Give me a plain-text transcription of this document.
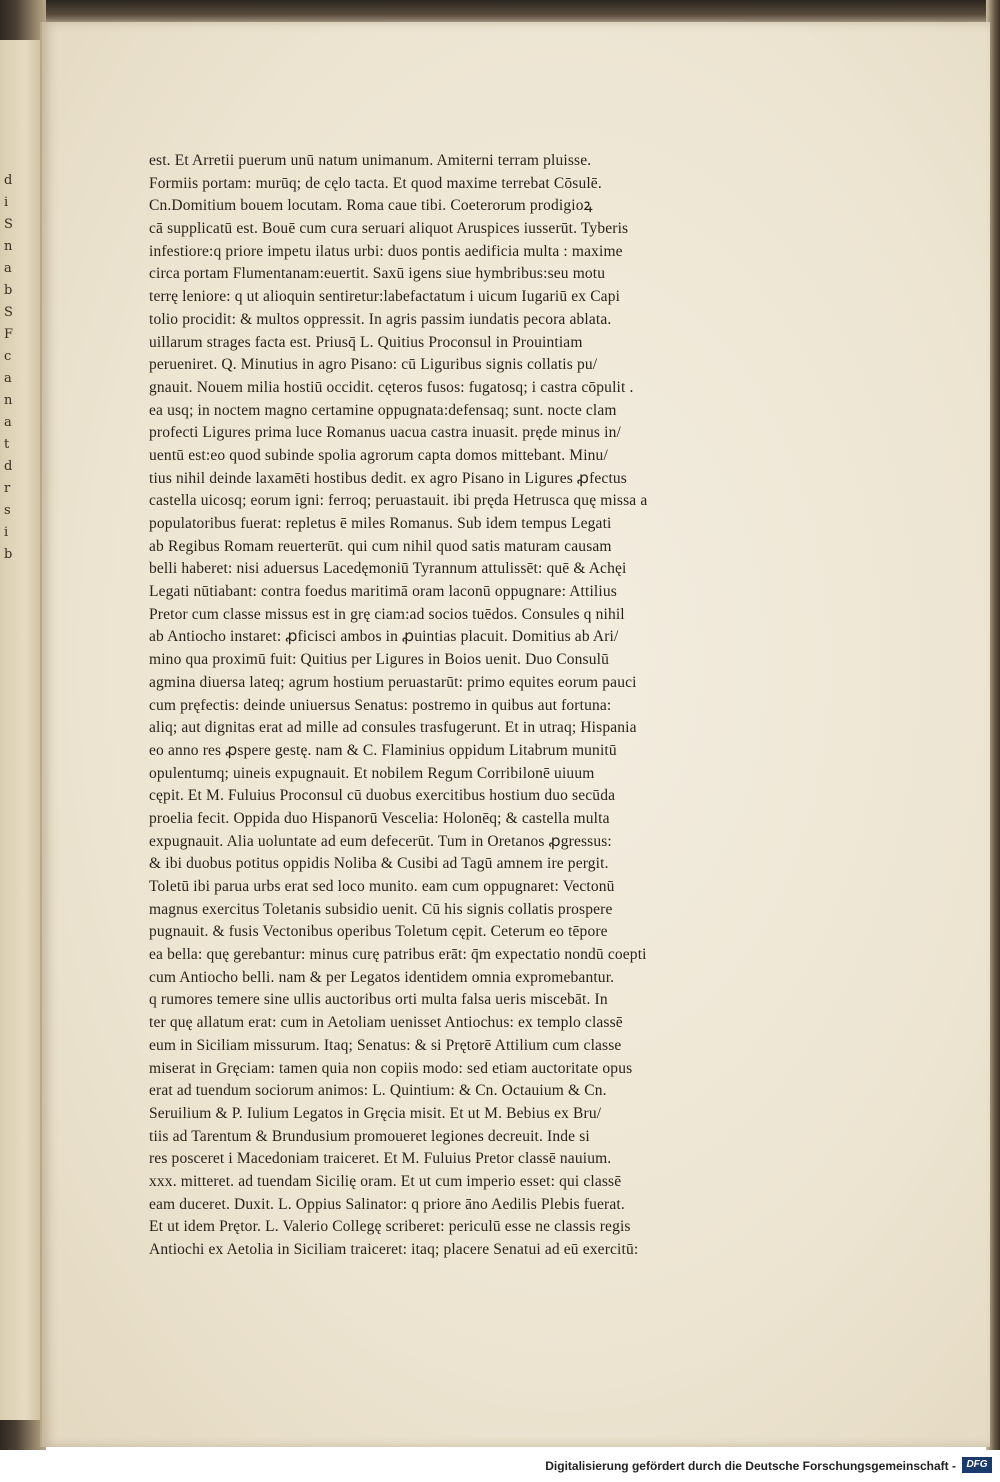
d
i
S
n
a
b
S
F
c
a
n
a
t
d
r
s
i
b
est. Et Arretii puerum unū natum unimanum. Amiterni terram pluisse.
Formiis portam: murūq; de cęlo tacta. Et quod maxime terrebat Cōsulē.
Cn.Domitium bouem locutam. Roma caue tibi. Coeterorum prodigioꝝ
cā supplicatū est. Bouē cum cura seruari aliquot Aruspices iusserūt. Tyberis
infestiore:q priore impetu ilatus urbi: duos pontis aedificia multa : maxime
circa portam Flumentanam:euertit. Saxū igens siue hymbribus:seu motu
terrę leniore: q ut alioquin sentiretur:labefactatum i uicum Iugariū ex Capi
tolio procidit: & multos oppressit. In agris passim iundatis pecora ablata.
uillarum strages facta est. Priusq̄ L. Quitius Proconsul in Prouintiam
perueniret. Q. Minutius in agro Pisano: cū Liguribus signis collatis pu/
gnauit. Nouem milia hostiū occidit. cęteros fusos: fugatosq; i castra cōpulit .
ea usq; in noctem magno certamine oppugnata:defensaq; sunt. nocte clam
profecti Ligures prima luce Romanus uacua castra inuasit. pręde minus in/
uentū est:eo quod subinde spolia agrorum capta domos mittebant. Minu/
tius nihil deinde laxamēti hostibus dedit. ex agro Pisano in Ligures ꝓfectus
castella uicosq; eorum igni: ferroq; peruastauit. ibi pręda Hetrusca quę missa a
populatoribus fuerat: repletus ē miles Romanus. Sub idem tempus Legati
ab Regibus Romam reuerterūt. qui cum nihil quod satis maturam causam
belli haberet: nisi aduersus Lacedęmoniū Tyrannum attulissēt: quē & Achęi
Legati nūtiabant: contra foedus maritimā oram laconū oppugnare: Attilius
Pretor cum classe missus est in grę ciam:ad socios tuēdos. Consules q nihil
ab Antiocho instaret: ꝓficisci ambos in ꝓuintias placuit. Domitius ab Ari/
mino qua proximū fuit: Quitius per Ligures in Boios uenit. Duo Consulū
agmina diuersa lateq; agrum hostium peruastarūt: primo equites eorum pauci
cum pręfectis: deinde uniuersus Senatus: postremo in quibus aut fortuna:
aliq; aut dignitas erat ad mille ad consules trasfugerunt. Et in utraq; Hispania
eo anno res ꝓspere gestę. nam & C. Flaminius oppidum Litabrum munitū
opulentumq; uineis expugnauit. Et nobilem Regum Corribilonē uiuum
cępit. Et M. Fuluius Proconsul cū duobus exercitibus hostium duo secūda
proelia fecit. Oppida duo Hispanorū Vescelia: Holonēq; & castella multa
expugnauit. Alia uoluntate ad eum defecerūt. Tum in Oretanos ꝓgressus:
& ibi duobus potitus oppidis Noliba & Cusibi ad Tagū amnem ire pergit.
Toletū ibi parua urbs erat sed loco munito. eam cum oppugnaret: Vectonū
magnus exercitus Toletanis subsidio uenit. Cū his signis collatis prospere
pugnauit. & fusis Vectonibus operibus Toletum cępit. Ceterum eo tēpore
ea bella: quę gerebantur: minus curę patribus erāt: q̄m expectatio nondū coepti
cum Antiocho belli. nam & per Legatos identidem omnia expromebantur.
q rumores temere sine ullis auctoribus orti multa falsa ueris miscebāt. In
ter quę allatum erat: cum in Aetoliam uenisset Antiochus: ex templo classē
eum in Siciliam missurum. Itaq; Senatus: & si Prętorē Attilium cum classe
miserat in Gręciam: tamen quia non copiis modo: sed etiam auctoritate opus
erat ad tuendum sociorum animos: L. Quintium: & Cn. Octauium & Cn.
Seruilium & P. Iulium Legatos in Gręcia misit. Et ut M. Bebius ex Bru/
tiis ad Tarentum & Brundusium promoueret legiones decreuit. Inde si
res posceret i Macedoniam traiceret. Et M. Fuluius Pretor classē nauium.
xxx. mitteret. ad tuendam Sicilię oram. Et ut cum imperio esset: qui classē
eam duceret. Duxit. L. Oppius Salinator: q priore āno Aedilis Plebis fuerat.
Et ut idem Prętor. L. Valerio Collegę scriberet: periculū esse ne classis regis
Antiochi ex Aetolia in Siciliam traiceret: itaq; placere Senatui ad eū exercitū:
Digitalisierung gefördert durch die Deutsche Forschungsgemeinschaft -	DFG
